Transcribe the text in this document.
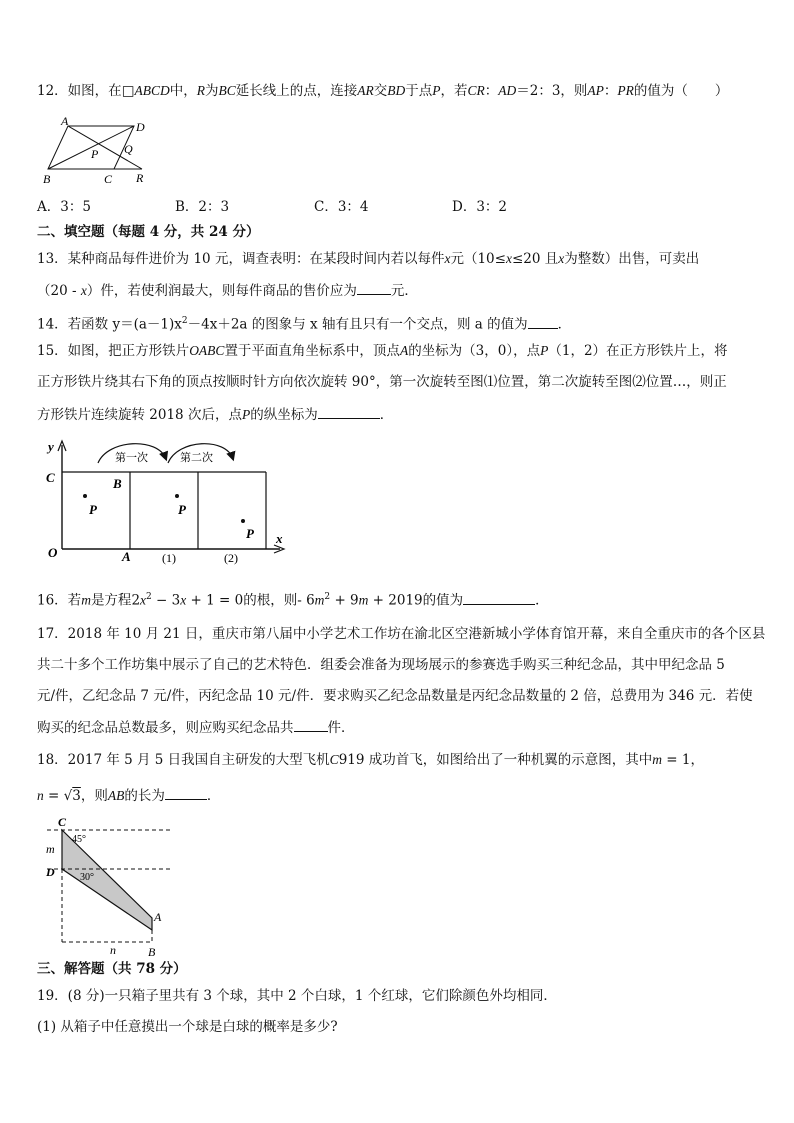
12．如图，在□ABCD中，R为BC延长线上的点，连接AR交BD于点P，若CR：AD＝2：3，则AP：PR的值为（　　）
A	D
P Q
B	C R
A．3：5	B．2：3	C．3：4	D．3：2
二、填空题（每题 4 分，共 24 分）
13．某种商品每件进价为 10 元，调查表明：在某段时间内若以每件x元（10≤x≤20 且x为整数）出售，可卖出
（20 - x）件，若使利润最大，则每件商品的售价应为	元．
14．若函数 $y=(a-1)x^2-4x+2a$ 的图象与 x 轴有且只有一个交点，则 a 的值为 ．
15．如图，把正方形铁片OABC置于平面直角坐标系中，顶点A的坐标为（3，0），点P（1，2）在正方形铁片上，将
正方形铁片绕其右下角的顶点按顺时针方向依次旋转 90°，第一次旋转至图⑴位置，第二次旋转至图⑵位置…，则正
方形铁片连续旋转 2018 次后，点P的纵坐标为	．
第一次	第二次
y
C	B
P	P
P
O	A
x
(1)	(2)
16．若m是方程$2x^2 - 3x + 1 = 0$的根，则- $6m^2 + 9m + 2019$的值为	．
17．2018 年 10 月 21 日，重庆市第八届中小学艺术工作坊在渝北区空港新城小学体育馆开幕，来自全重庆市的各个区县
共二十多个工作坊集中展示了自己的艺术特色．组委会准备为现场展示的参赛选手购买三种纪念品，其中甲纪念品 5
元/件，乙纪念品 7 元/件，丙纪念品 10 元/件．要求购买乙纪念品数量是丙纪念品数量的 2 倍，总费用为 346 元．若使
购买的纪念品总数最多，则应购买纪念品共	件．
18．2017 年 5 月 5 日我国自主研发的大型飞机C919 成功首飞，如图给出了一种机翼的示意图，其中m = 1，
n = √3，则AB的长为	．
C
45°
m
D	30°
A
n	B
三、解答题（共 78 分）
19．(8 分)一只箱子里共有 3 个球，其中 2 个白球，1 个红球，它们除颜色外均相同．
(1) 从箱子中任意摸出一个球是白球的概率是多少?
